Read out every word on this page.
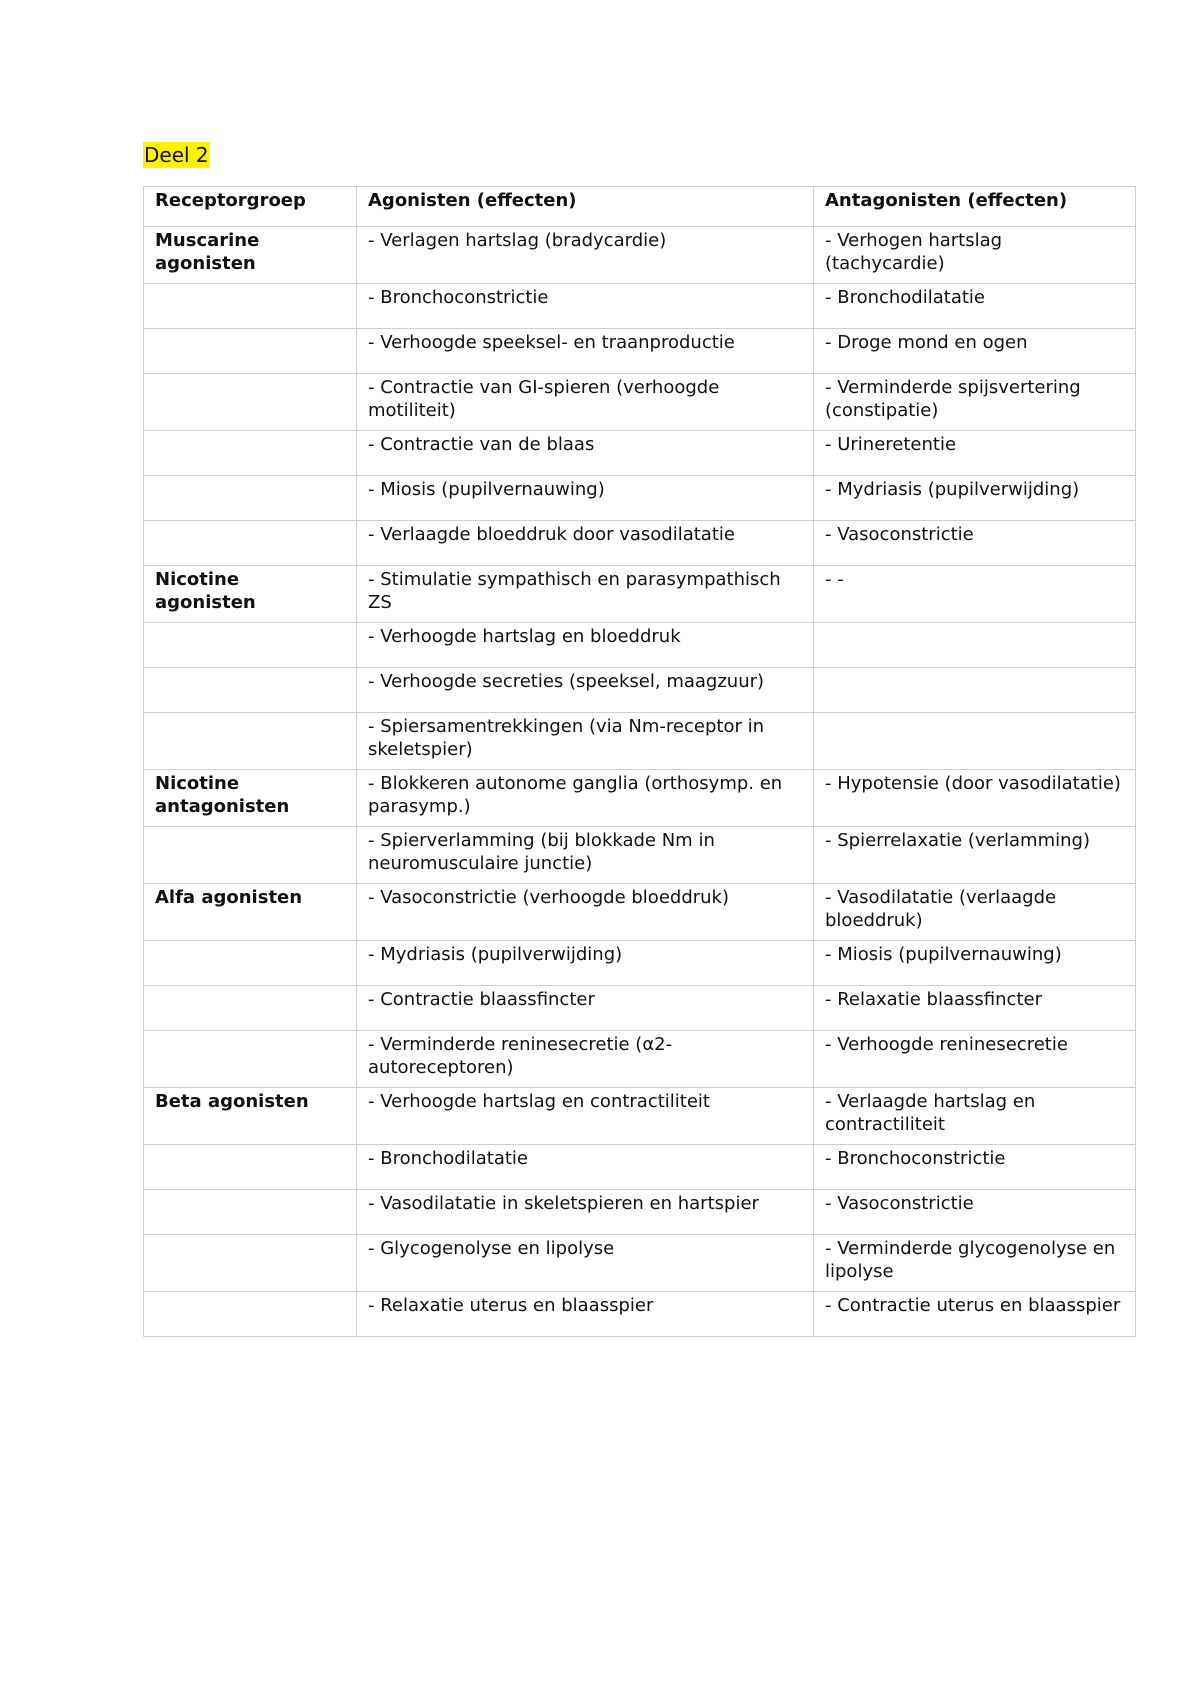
Deel 2
Receptorgroep	Agonisten (effecten)	Antagonisten (effecten)
Muscarine agonisten	- Verlagen hartslag (bradycardie)	- Verhogen hartslag (tachycardie)
	- Bronchoconstrictie	- Bronchodilatatie
	- Verhoogde speeksel- en traanproductie	- Droge mond en ogen
	- Contractie van GI-spieren (verhoogde motiliteit)	- Verminderde spijsvertering (constipatie)
	- Contractie van de blaas	- Urineretentie
	- Miosis (pupilvernauwing)	- Mydriasis (pupilverwijding)
	- Verlaagde bloeddruk door vasodilatatie	- Vasoconstrictie
Nicotine agonisten	- Stimulatie sympathisch en parasympathisch ZS	- -
	- Verhoogde hartslag en bloeddruk	
	- Verhoogde secreties (speeksel, maagzuur)	
	- Spiersamentrekkingen (via Nm-receptor in skeletspier)	
Nicotine antagonisten	- Blokkeren autonome ganglia (orthosymp. en parasymp.)	- Hypotensie (door vasodilatatie)
	- Spierverlamming (bij blokkade Nm in neuromusculaire junctie)	- Spierrelaxatie (verlamming)
Alfa agonisten	- Vasoconstrictie (verhoogde bloeddruk)	- Vasodilatatie (verlaagde bloeddruk)
	- Mydriasis (pupilverwijding)	- Miosis (pupilvernauwing)
	- Contractie blaassfincter	- Relaxatie blaassfincter
	- Verminderde reninesecretie (α2-autoreceptoren)	- Verhoogde reninesecretie
Beta agonisten	- Verhoogde hartslag en contractiliteit	- Verlaagde hartslag en contractiliteit
	- Bronchodilatatie	- Bronchoconstrictie
	- Vasodilatatie in skeletspieren en hartspier	- Vasoconstrictie
	- Glycogenolyse en lipolyse	- Verminderde glycogenolyse en lipolyse
	- Relaxatie uterus en blaasspier	- Contractie uterus en blaasspier
